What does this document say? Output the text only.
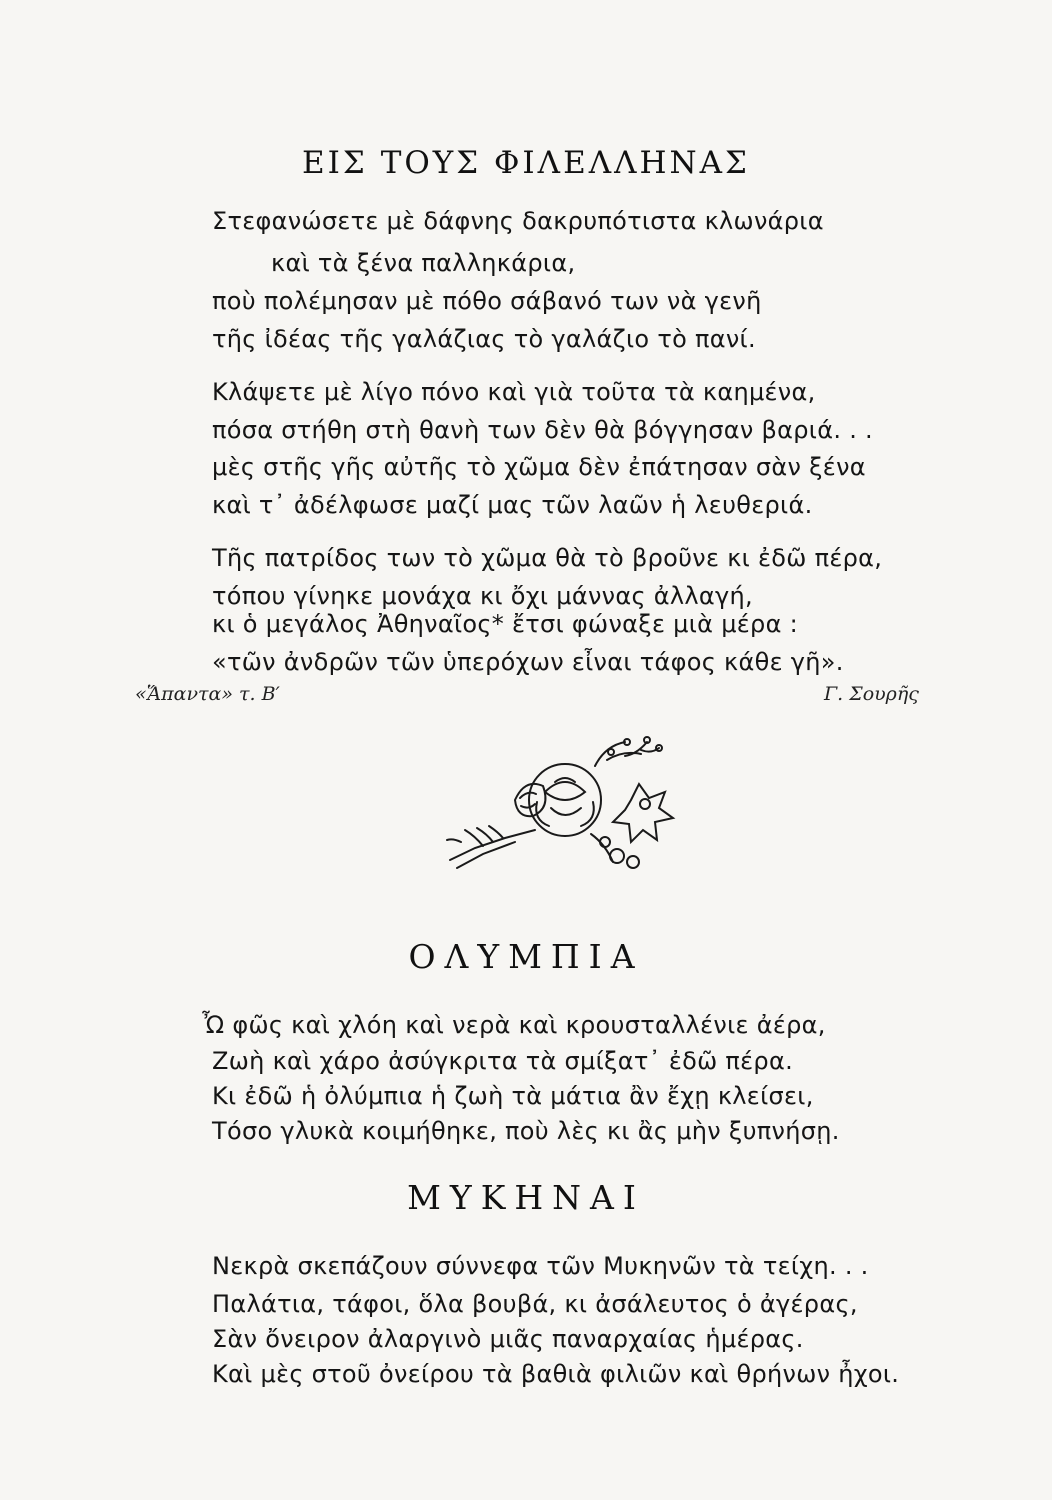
ΕΙΣ ΤΟΥΣ ΦΙΛΕΛΛΗΝΑΣ
Στεφανώσετε μὲ δάφνης δακρυπότιστα κλωνάρια
καὶ τὰ ξένα παλληκάρια,
ποὺ πολέμησαν μὲ πόθο σάβανό των νὰ γενῆ
τῆς ἰδέας τῆς γαλάζιας τὸ γαλάζιο τὸ πανί.
Κλάψετε μὲ λίγο πόνο καὶ γιὰ τοῦτα τὰ καημένα,
πόσα στήθη στὴ θανὴ των δὲν θὰ βόγγησαν βαριά. . .
μὲς στῆς γῆς αὐτῆς τὸ χῶμα δὲν ἐπάτησαν σὰν ξένα
καὶ τ᾽ ἀδέλφωσε μαζί μας τῶν λαῶν ἡ λευθεριά.
Τῆς πατρίδος των τὸ χῶμα θὰ τὸ βροῦνε κι ἐδῶ πέρα,
τόπου γίνηκε μονάχα κι ὄχι μάννας ἀλλαγή,
κι ὁ μεγάλος Ἀθηναῖος* ἔτσι φώναξε μιὰ μέρα :
«τῶν ἀνδρῶν τῶν ὑπερόχων εἶναι τάφος κάθε γῆ».
«Ἅπαντα» τ. Β′	Γ. Σουρῆς
ΟΛΥΜΠΙΑ
Ὦ φῶς καὶ χλόη καὶ νερὰ καὶ κρουσταλλένιε ἀέρα,
Ζωὴ καὶ χάρο ἀσύγκριτα τὰ σμίξατ᾽ ἐδῶ πέρα.
Κι ἐδῶ ἡ ὀλύμπια ἡ ζωὴ τὰ μάτια ἂν ἔχῃ κλείσει,
Τόσο γλυκὰ κοιμήθηκε, ποὺ λὲς κι ἂς μὴν ξυπνήσῃ.
ΜΥΚΗΝΑΙ
Νεκρὰ σκεπάζουν σύννεφα τῶν Μυκηνῶν τὰ τείχη. . .
Παλάτια, τάφοι, ὅλα βουβά, κι ἀσάλευτος ὁ ἀγέρας,
Σὰν ὄνειρον ἀλαργινὸ μιᾶς παναρχαίας ἡμέρας.
Καὶ μὲς στοῦ ὀνείρου τὰ βαθιὰ φιλιῶν καὶ θρήνων ἦχοι.
